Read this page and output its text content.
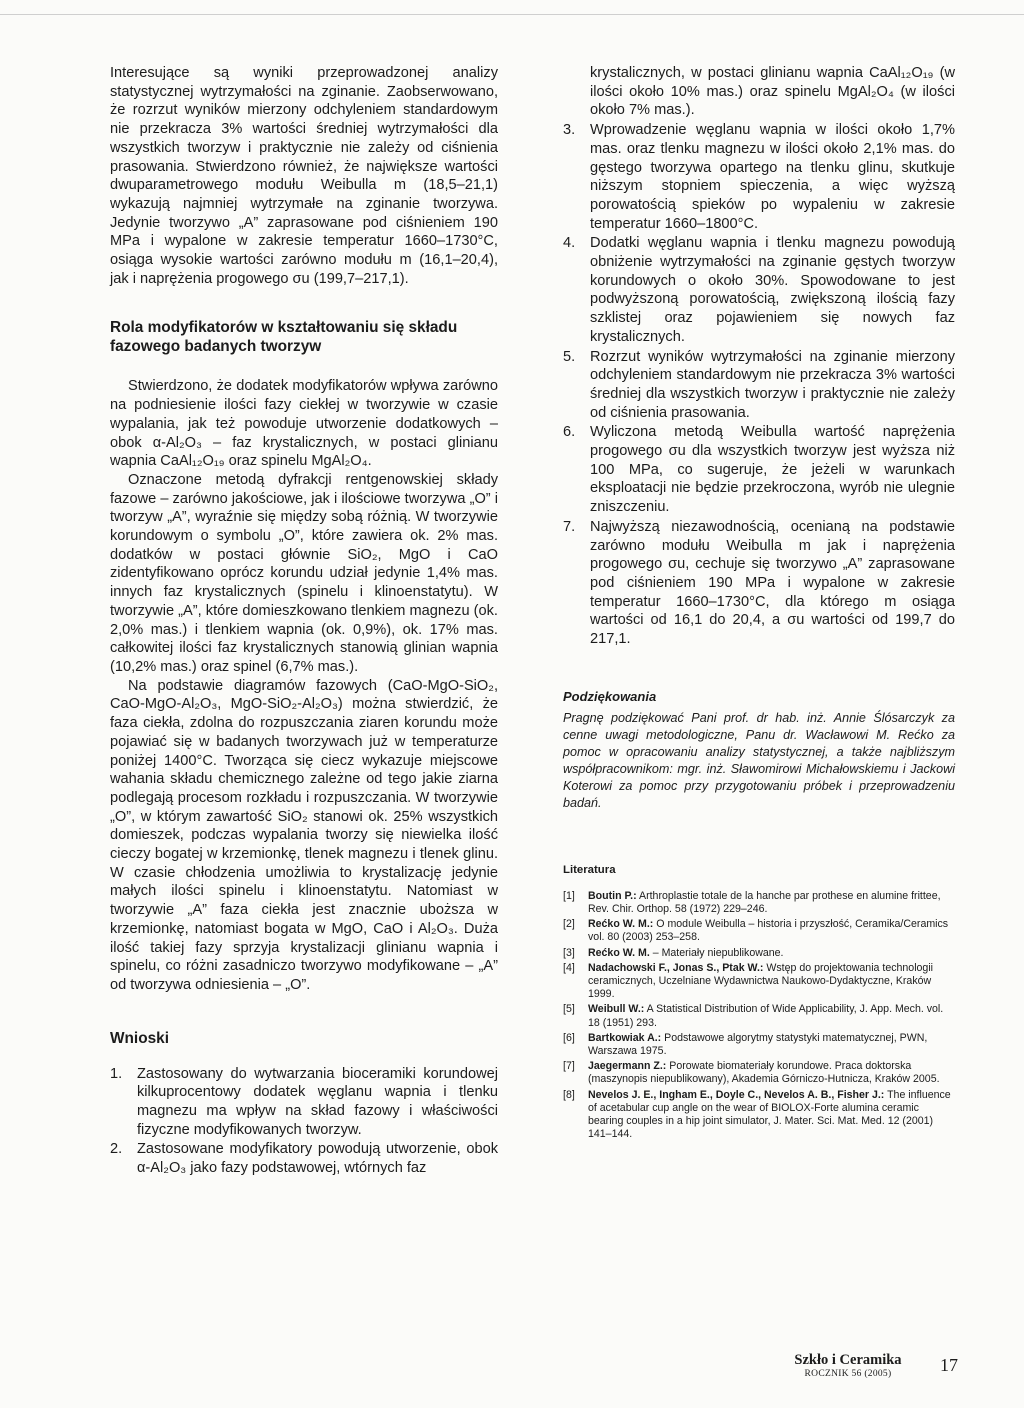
Interesujące są wyniki przeprowadzonej analizy statystycznej wytrzymałości na zginanie. Zaobserwowano, że rozrzut wyników mierzony odchyleniem standardowym nie przekracza 3% wartości średniej wytrzymałości dla wszystkich tworzyw i praktycznie nie zależy od ciśnienia prasowania. Stwierdzono również, że największe wartości dwuparametrowego modułu Weibulla m (18,5–21,1) wykazują najmniej wytrzymałe na zginanie tworzywa. Jedynie tworzywo „A” zaprasowane pod ciśnieniem 190 MPa i wypalone w zakresie temperatur 1660–1730°C, osiąga wysokie wartości zarówno modułu m (16,1–20,4), jak i naprężenia progowego σu (199,7–217,1).

Rola modyfikatorów w kształtowaniu się składu fazowego badanych tworzyw

Stwierdzono, że dodatek modyfikatorów wpływa zarówno na podniesienie ilości fazy ciekłej w tworzywie w czasie wypalania, jak też powoduje utworzenie dodatkowych – obok α-Al₂O₃ – faz krystalicznych, w postaci glinianu wapnia CaAl₁₂O₁₉ oraz spinelu MgAl₂O₄.

Oznaczone metodą dyfrakcji rentgenowskiej składy fazowe – zarówno jakościowe, jak i ilościowe tworzywa „O” i tworzyw „A”, wyraźnie się między sobą różnią. W tworzywie korundowym o symbolu „O”, które zawiera ok. 2% mas. dodatków w postaci głównie SiO₂, MgO i CaO zidentyfikowano oprócz korundu udział jedynie 1,4% mas. innych faz krystalicznych (spinelu i klinoenstatytu). W tworzywie „A”, które domieszkowano tlenkiem magnezu (ok. 2,0% mas.) i tlenkiem wapnia (ok. 0,9%), ok. 17% mas. całkowitej ilości faz krystalicznych stanowią glinian wapnia (10,2% mas.) oraz spinel (6,7% mas.).

Na podstawie diagramów fazowych (CaO-MgO-SiO₂, CaO-MgO-Al₂O₃, MgO-SiO₂-Al₂O₃) można stwierdzić, że faza ciekła, zdolna do rozpuszczania ziaren korundu może pojawiać się w badanych tworzywach już w temperaturze poniżej 1400°C. Tworząca się ciecz wykazuje miejscowe wahania składu chemicznego zależne od tego jakie ziarna podlegają procesom rozkładu i rozpuszczania. W tworzywie „O”, w którym zawartość SiO₂ stanowi ok. 25% wszystkich domieszek, podczas wypalania tworzy się niewielka ilość cieczy bogatej w krzemionkę, tlenek magnezu i tlenek glinu. W czasie chłodzenia umożliwia to krystalizację jedynie małych ilości spinelu i klinoenstatytu. Natomiast w tworzywie „A” faza ciekła jest znacznie uboższa w krzemionkę, natomiast bogata w MgO, CaO i Al₂O₃. Duża ilość takiej fazy sprzyja krystalizacji glinianu wapnia i spinelu, co różni zasadniczo tworzywo modyfikowane – „A” od tworzywa odniesienia – „O”.

Wnioski
1.	Zastosowany do wytwarzania bioceramiki korundowej kilkuprocentowy dodatek węglanu wapnia i tlenku magnezu ma wpływ na skład fazowy i właściwości fizyczne modyfikowanych tworzyw.
2.	Zastosowane modyfikatory powodują utworzenie, obok α-Al₂O₃ jako fazy podstawowej, wtórnych faz
krystalicznych, w postaci glinianu wapnia CaAl₁₂O₁₉ (w ilości około 10% mas.) oraz spinelu MgAl₂O₄ (w ilości około 7% mas.).
3.	Wprowadzenie węglanu wapnia w ilości około 1,7% mas. oraz tlenku magnezu w ilości około 2,1% mas. do gęstego tworzywa opartego na tlenku glinu, skutkuje niższym stopniem spieczenia, a więc wyższą porowatością spieków po wypaleniu w zakresie temperatur 1660–1800°C.
4.	Dodatki węglanu wapnia i tlenku magnezu powodują obniżenie wytrzymałości na zginanie gęstych tworzyw korundowych o około 30%. Spowodowane to jest podwyższoną porowatością, zwiększoną ilością fazy szklistej oraz pojawieniem się nowych faz krystalicznych.
5.	Rozrzut wyników wytrzymałości na zginanie mierzony odchyleniem standardowym nie przekracza 3% wartości średniej dla wszystkich tworzyw i praktycznie nie zależy od ciśnienia prasowania.
6.	Wyliczona metodą Weibulla wartość naprężenia progowego σu dla wszystkich tworzyw jest wyższa niż 100 MPa, co sugeruje, że jeżeli w warunkach eksploatacji nie będzie przekroczona, wyrób nie ulegnie zniszczeniu.
7.	Najwyższą niezawodnością, ocenianą na podstawie zarówno modułu Weibulla m jak i naprężenia progowego σu, cechuje się tworzywo „A” zaprasowane pod ciśnieniem 190 MPa i wypalone w zakresie temperatur 1660–1730°C, dla którego m osiąga wartości od 16,1 do 20,4, a σu wartości od 199,7 do 217,1.
Podziękowania
Pragnę podziękować Pani prof. dr hab. inż. Annie Ślósarczyk za cenne uwagi metodologiczne, Panu dr. Wacławowi M. Rećko za pomoc w opracowaniu analizy statystycznej, a także najbliższym współpracownikom: mgr. inż. Sławomirowi Michałowskiemu i Jackowi Koterowi za pomoc przy przygotowaniu próbek i przeprowadzeniu badań.
Literatura
[1]	Boutin P.: Arthroplastie totale de la hanche par prothese en alumine frittee, Rev. Chir. Orthop. 58 (1972) 229–246.
[2]	Rećko W. M.: O module Weibulla – historia i przyszłość, Ceramika/Ceramics vol. 80 (2003) 253–258.
[3]	Rećko W. M. – Materiały niepublikowane.
[4]	Nadachowski F., Jonas S., Ptak W.: Wstęp do projektowania technologii ceramicznych, Uczelniane Wydawnictwa Naukowo-Dydaktyczne, Kraków 1999.
[5]	Weibull W.: A Statistical Distribution of Wide Applicability, J. App. Mech. vol. 18 (1951) 293.
[6]	Bartkowiak A.: Podstawowe algorytmy statystyki matematycznej, PWN, Warszawa 1975.
[7]	Jaegermann Z.: Porowate biomateriały korundowe. Praca doktorska (maszynopis niepublikowany), Akademia Górniczo-Hutnicza, Kraków 2005.
[8]	Nevelos J. E., Ingham E., Doyle C., Nevelos A. B., Fisher J.: The influence of acetabular cup angle on the wear of BIOLOX-Forte alumina ceramic bearing couples in a hip joint simulator, J. Mater. Sci. Mat. Med. 12 (2001) 141–144.
Szkło i Ceramika
ROCZNIK 56 (2005)	17
